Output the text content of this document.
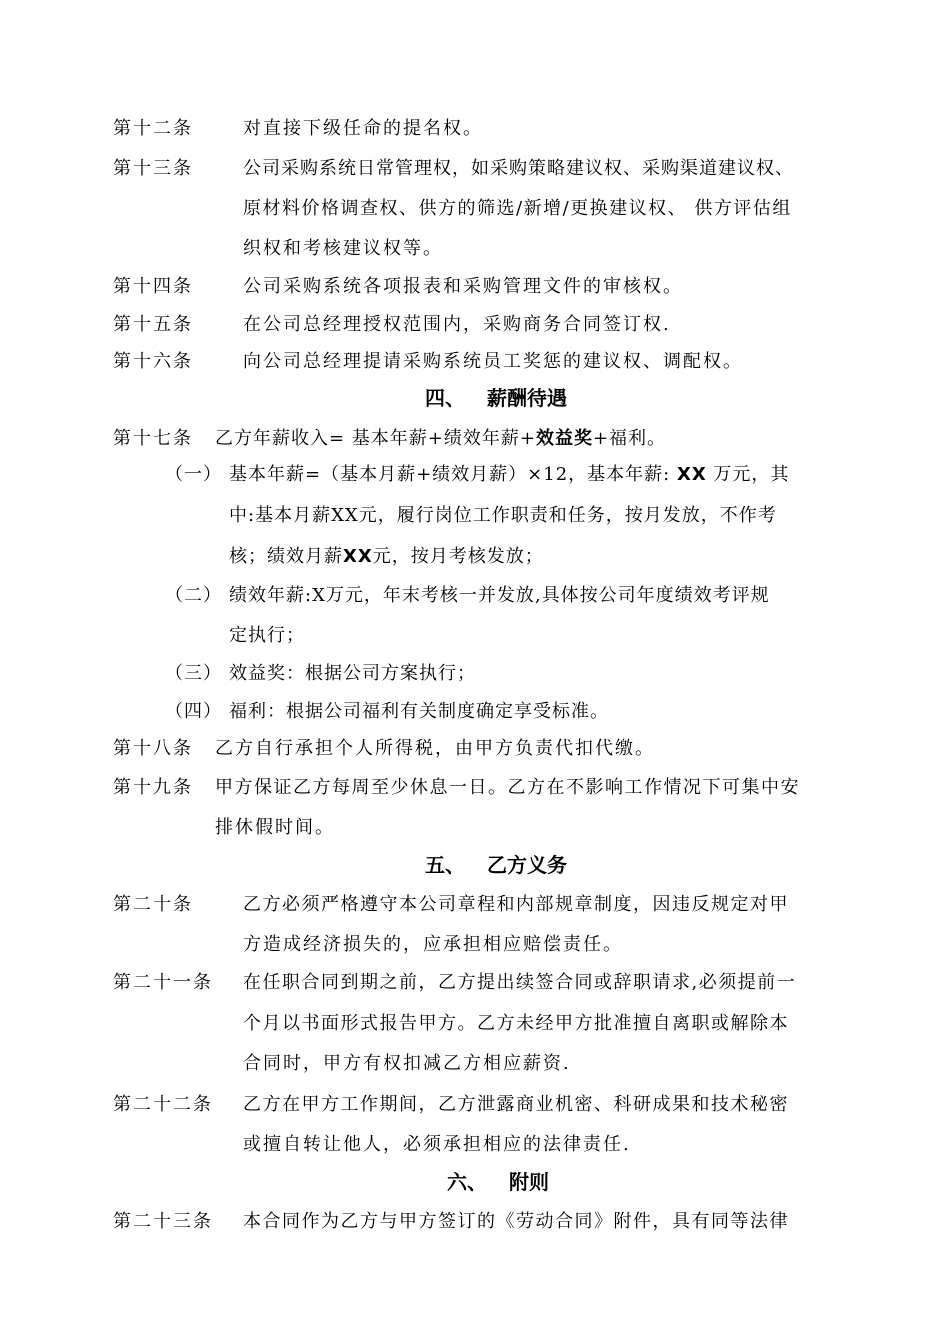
第十二条	对直接下级任命的提名权。
第十三条	公司采购系统日常管理权，如采购策略建议权、采购渠道建议权、
原材料价格调查权、供方的筛选/新增/更换建议权、 供方评估组
织权和考核建议权等。
第十四条	公司采购系统各项报表和采购管理文件的审核权。
第十五条	在公司总经理授权范围内，采购商务合同签订权.
第十六条	向公司总经理提请采购系统员工奖惩的建议权、调配权。
四、 薪酬待遇
第十七条 乙方年薪收入= 基本年薪+绩效年薪+效益奖+福利。
（一） 基本年薪=（基本月薪+绩效月薪）×12，基本年薪: XX 万元，其
中:基本月薪XX元，履行岗位工作职责和任务，按月发放，不作考
核；绩效月薪XX元，按月考核发放；
（二） 绩效年薪:X万元，年末考核一并发放,具体按公司年度绩效考评规
定执行；
（三） 效益奖：根据公司方案执行；
（四） 福利：根据公司福利有关制度确定享受标准。
第十八条 乙方自行承担个人所得税，由甲方负责代扣代缴。
第十九条 甲方保证乙方每周至少休息一日。乙方在不影响工作情况下可集中安
排休假时间。
五、 乙方义务
第二十条	乙方必须严格遵守本公司章程和内部规章制度，因违反规定对甲
方造成经济损失的，应承担相应赔偿责任。
第二十一条 在任职合同到期之前，乙方提出续签合同或辞职请求,必须提前一
个月以书面形式报告甲方。乙方未经甲方批准擅自离职或解除本
合同时，甲方有权扣减乙方相应薪资.
第二十二条 乙方在甲方工作期间，乙方泄露商业机密、科研成果和技术秘密
或擅自转让他人，必须承担相应的法律责任.
六、 附则
第二十三条 本合同作为乙方与甲方签订的《劳动合同》附件，具有同等法律
